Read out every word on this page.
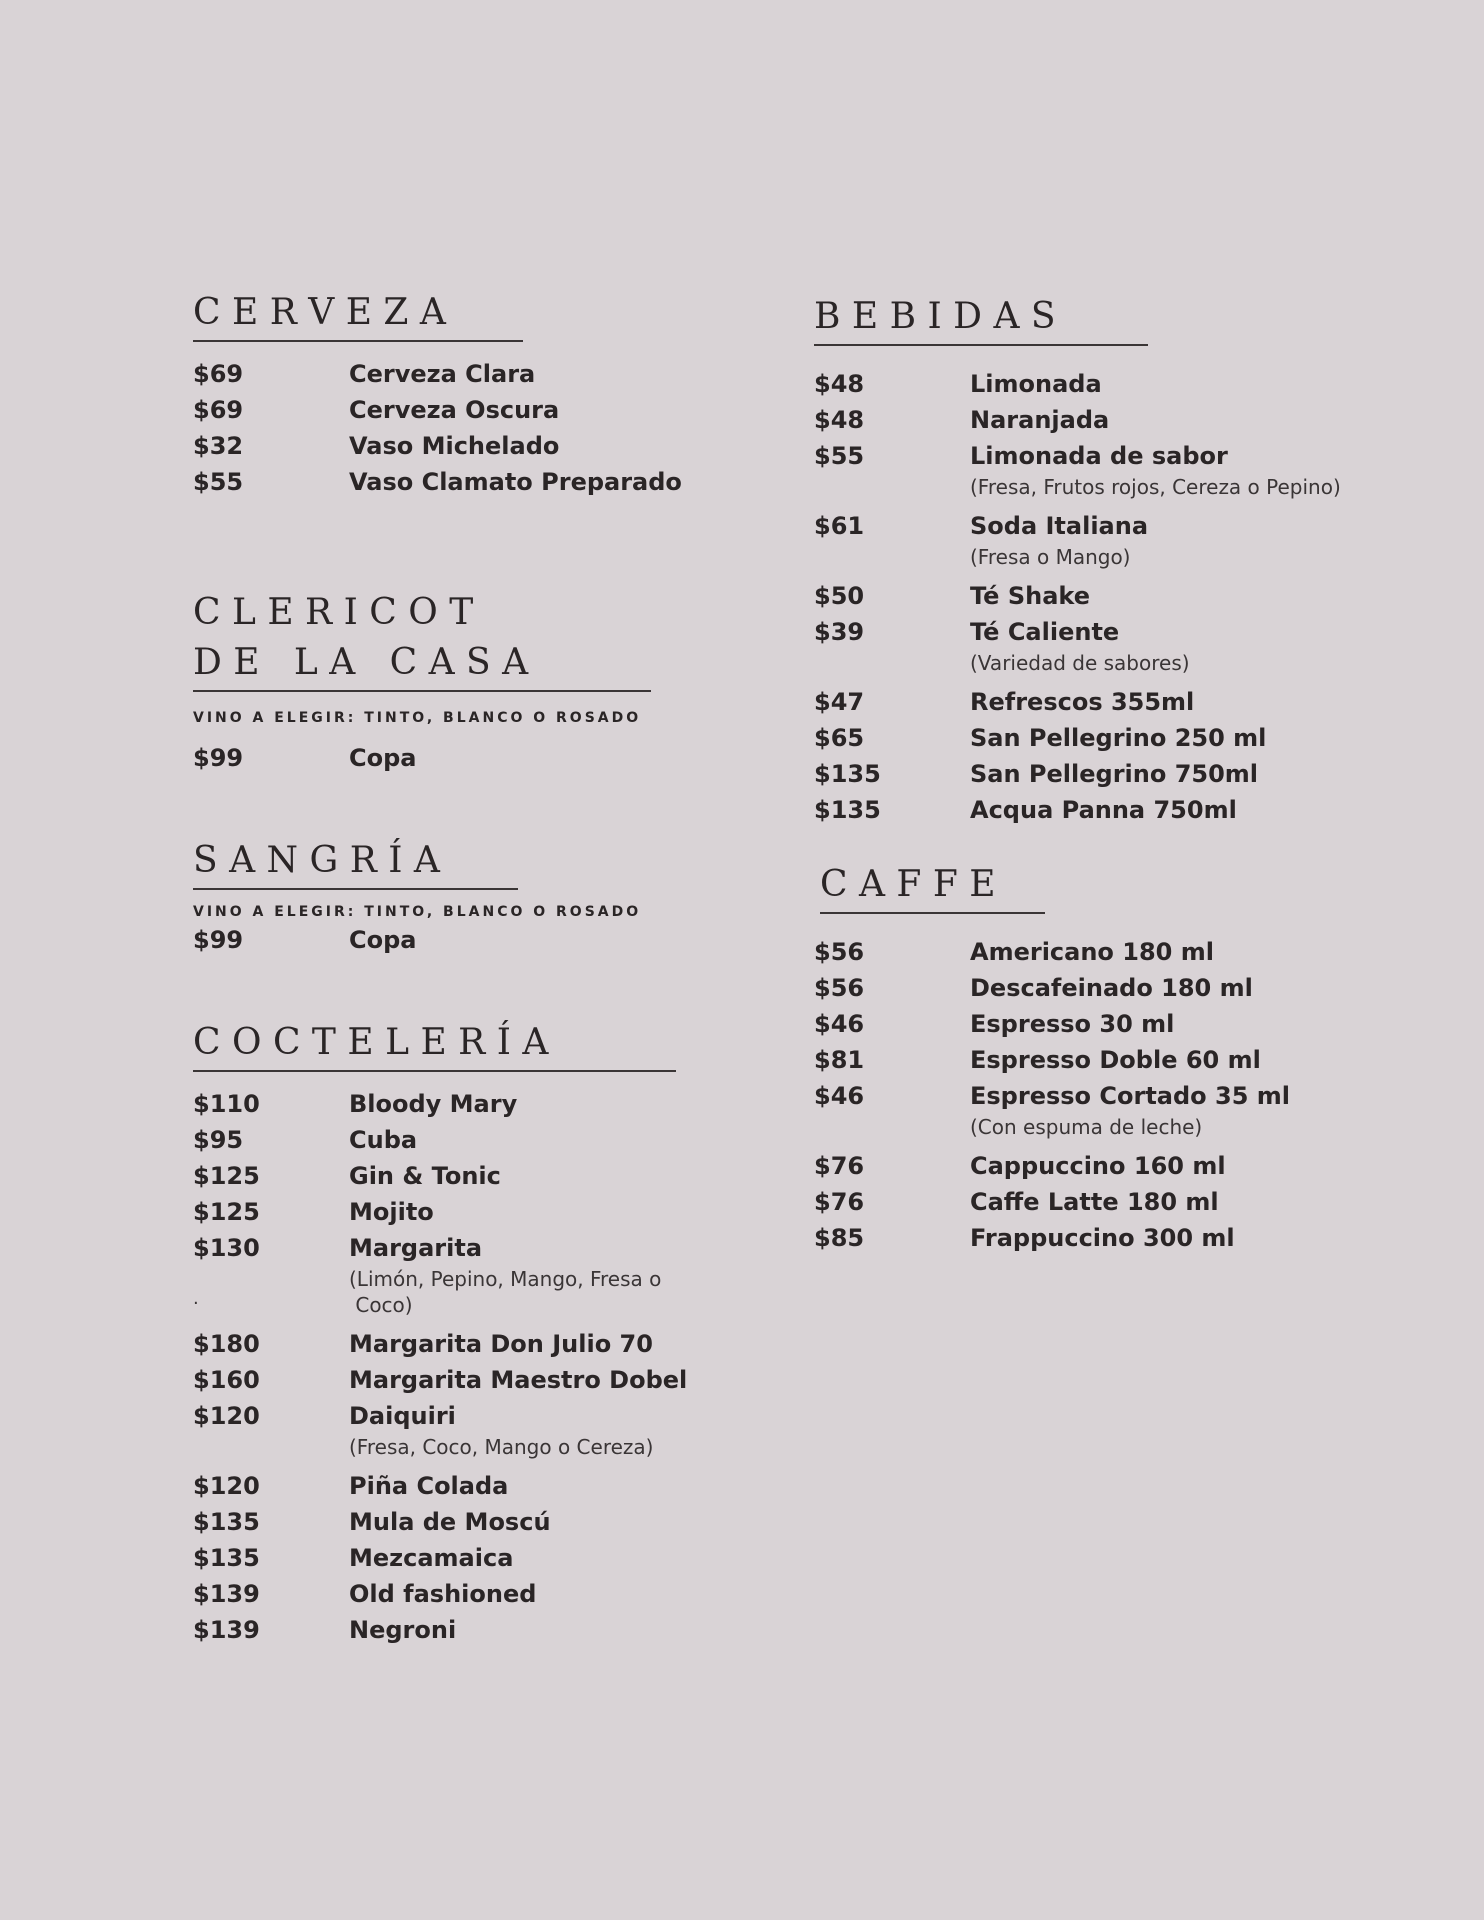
C E R V E Z A
$69	Cerveza Clara
$69	Cerveza Oscura
$32	Vaso Michelado
$55	Vaso Clamato Preparado
C L E R I C O T
D E   L A   C A S A
VINO A ELEGIR: TINTO, BLANCO O ROSADO
$99	Copa
S A N G R Í A
VINO A ELEGIR: TINTO, BLANCO O ROSADO
$99	Copa
C O C T E L E R Í A
$110	Bloody Mary
$95	Cuba
$125	Gin & Tonic
$125	Mojito
$130	Margarita
(Limón, Pepino, Mango, Fresa o
Coco)
$180	Margarita Don Julio 70
$160	Margarita Maestro Dobel
$120	Daiquiri
(Fresa, Coco, Mango o Cereza)
$120	Piña Colada
$135	Mula de Moscú
$135	Mezcamaica
$139	Old fashioned
$139	Negroni
.
B E B I D A S
$48	Limonada
$48	Naranjada
$55	Limonada de sabor
(Fresa, Frutos rojos, Cereza o Pepino)
$61	Soda Italiana
(Fresa o Mango)
$50	Té Shake
$39	Té Caliente
(Variedad de sabores)
$47	Refrescos 355ml
$65	San Pellegrino 250 ml
$135	San Pellegrino 750ml
$135	Acqua Panna 750ml
C A F F E
$56	Americano 180 ml
$56	Descafeinado 180 ml
$46	Espresso 30 ml
$81	Espresso Doble 60 ml
$46	Espresso Cortado 35 ml
(Con espuma de leche)
$76	Cappuccino 160 ml
$76	Caffe Latte 180 ml
$85	Frappuccino 300 ml
